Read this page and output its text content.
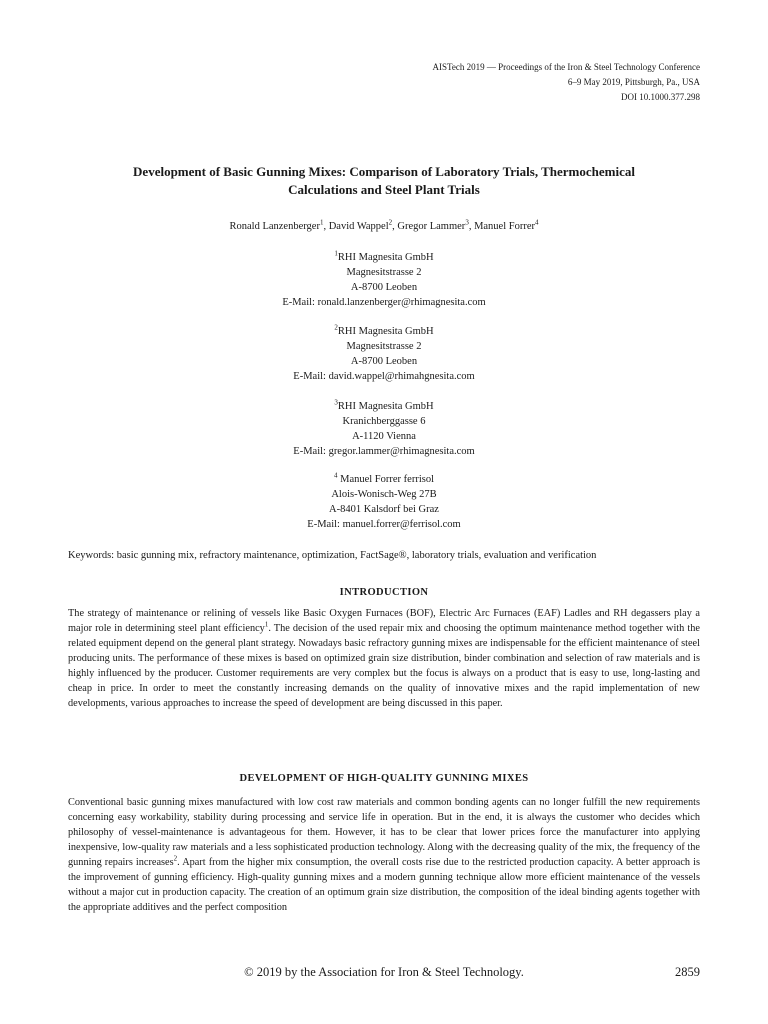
AISTech 2019 — Proceedings of the Iron & Steel Technology Conference
6–9 May 2019, Pittsburgh, Pa., USA
DOI 10.1000.377.298
Development of Basic Gunning Mixes: Comparison of Laboratory Trials, Thermochemical
Calculations and Steel Plant Trials
Ronald Lanzenberger$^1$, David Wappel$^2$, Gregor Lammer$^3$, Manuel Forrer$^4$
$^1$RHI Magnesita GmbH
Magnesitstrasse 2
A-8700 Leoben
E-Mail: ronald.lanzenberger@rhimagnesita.com
$^2$RHI Magnesita GmbH
Magnesitstrasse 2
A-8700 Leoben
E-Mail: david.wappel@rhimahgnesita.com
$^3$RHI Magnesita GmbH
Kranichberggasse 6
A-1120 Vienna
E-Mail: gregor.lammer@rhimagnesita.com
$^4$ Manuel Forrer ferrisol
Alois-Wonisch-Weg 27B
A-8401 Kalsdorf bei Graz
E-Mail: manuel.forrer@ferrisol.com
Keywords: basic gunning mix, refractory maintenance, optimization, FactSage®, laboratory trials, evaluation and verification
INTRODUCTION

The strategy of maintenance or relining of vessels like Basic Oxygen Furnaces (BOF), Electric Arc Furnaces (EAF) Ladles and RH degassers play a major role in determining steel plant efficiency$^1$. The decision of the used repair mix and choosing the optimum maintenance method together with the related equipment depend on the general plant strategy. Nowadays basic refractory gunning mixes are indispensable for the efficient maintenance of steel producing units. The performance of these mixes is based on optimized grain size distribution, binder combination and selection of raw materials and is highly influenced by the producer. Customer requirements are very complex but the focus is always on a product that is easy to use, long-lasting and cheap in price. In order to meet the constantly increasing demands on the quality of innovative mixes and the rapid implementation of new developments, various approaches to increase the speed of development are being discussed in this paper.

DEVELOPMENT OF HIGH-QUALITY GUNNING MIXES

Conventional basic gunning mixes manufactured with low cost raw materials and common bonding agents can no longer fulfill the new requirements concerning easy workability, stability during processing and service life in operation. But in the end, it is always the customer who decides which philosophy of vessel-maintenance is advantageous for them. However, it has to be clear that lower prices force the manufacturer into applying inexpensive, low-quality raw materials and a less sophisticated production technology. Along with the decreasing quality of the mix, the frequency of the gunning repairs increases$^2$. Apart from the higher mix consumption, the overall costs rise due to the restricted production capacity. A better approach is the improvement of gunning efficiency. High-quality gunning mixes and a modern gunning technique allow more efficient maintenance of the vessels without a major cut in production capacity. The creation of an optimum grain size distribution, the composition of the ideal binding agents together with the appropriate additives and the perfect composition

© 2019 by the Association for Iron & Steel Technology.	2859
